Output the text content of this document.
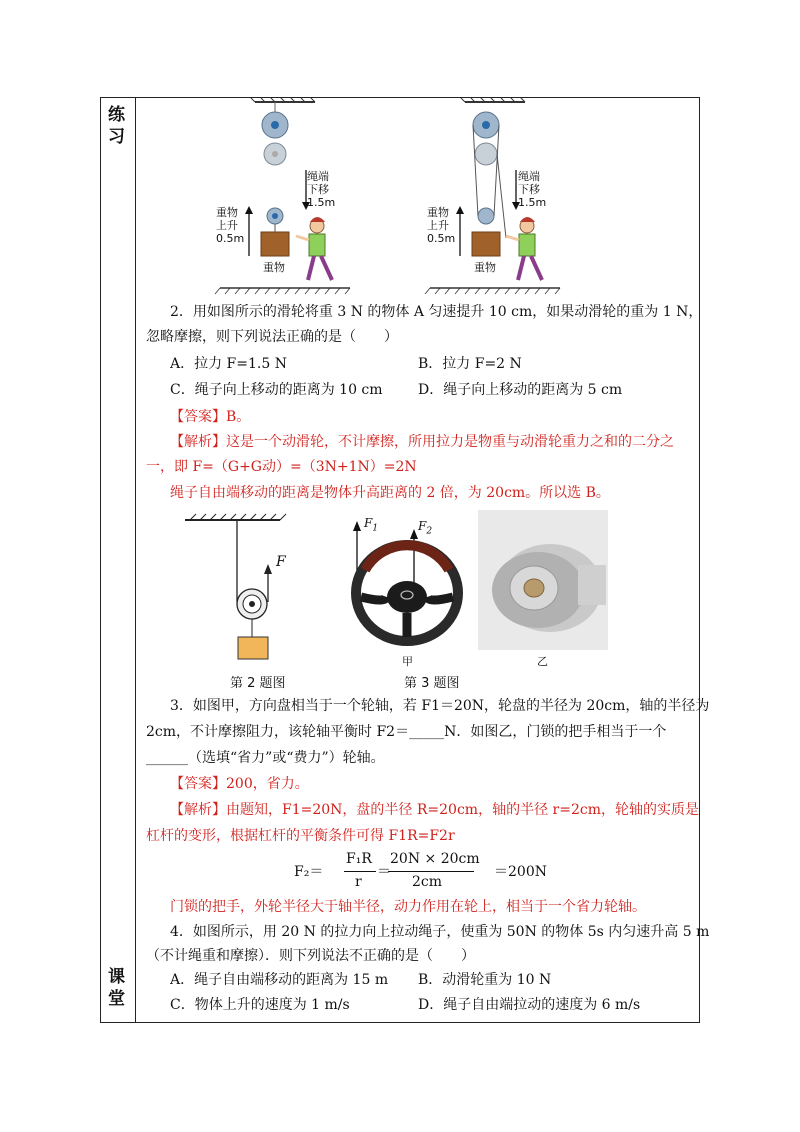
练
习
课
堂
绳端
下移
1.5m
重物
上升
0.5m
重物
绳端
下移
1.5m
重物
上升
0.5m
重物
2．用如图所示的滑轮将重 3 N 的物体 A 匀速提升 10 cm，如果动滑轮的重为 1 N，
忽略摩擦，则下列说法正确的是（　　）
A．拉力 F=1.5 N	B．拉力 F=2 N
C．绳子向上移动的距离为 10 cm	D．绳子向上移动的距离为 5 cm
【答案】B。
【解析】这是一个动滑轮，不计摩擦，所用拉力是物重与动滑轮重力之和的二分之
一，即 F=（G+G动）=（3N+1N）=2N
绳子自由端移动的距离是物体升高距离的 2 倍，为 20cm。所以选 B。
F
$F_1$	$F_2$
甲	乙
第 2 题图	第 3 题图
3．如图甲，方向盘相当于一个轮轴，若 F1＝20N，轮盘的半径为 20cm，轴的半径为
2cm，不计摩擦阻力，该轮轴平衡时 F2＝_____N．如图乙，门锁的把手相当于一个
______（选填“省力”或“费力”）轮轴。
【答案】200，省力。
【解析】由题知，F1=20N，盘的半径 R=20cm，轴的半径 r=2cm，轮轴的实质是
杠杆的变形，根据杠杆的平衡条件可得 F1R=F2r
F₂＝
F₁R
r
＝
20N × 20cm
2cm
＝200N
门锁的把手，外轮半径大于轴半径，动力作用在轮上，相当于一个省力轮轴。
4．如图所示，用 20 N 的拉力向上拉动绳子，使重为 50N 的物体 5s 内匀速升高 5 m
（不计绳重和摩擦）．则下列说法不正确的是（　　）
A．绳子自由端移动的距离为 15 m B．动滑轮重为 10 N
C．物体上升的速度为 1 m/s	D．绳子自由端拉动的速度为 6 m/s
